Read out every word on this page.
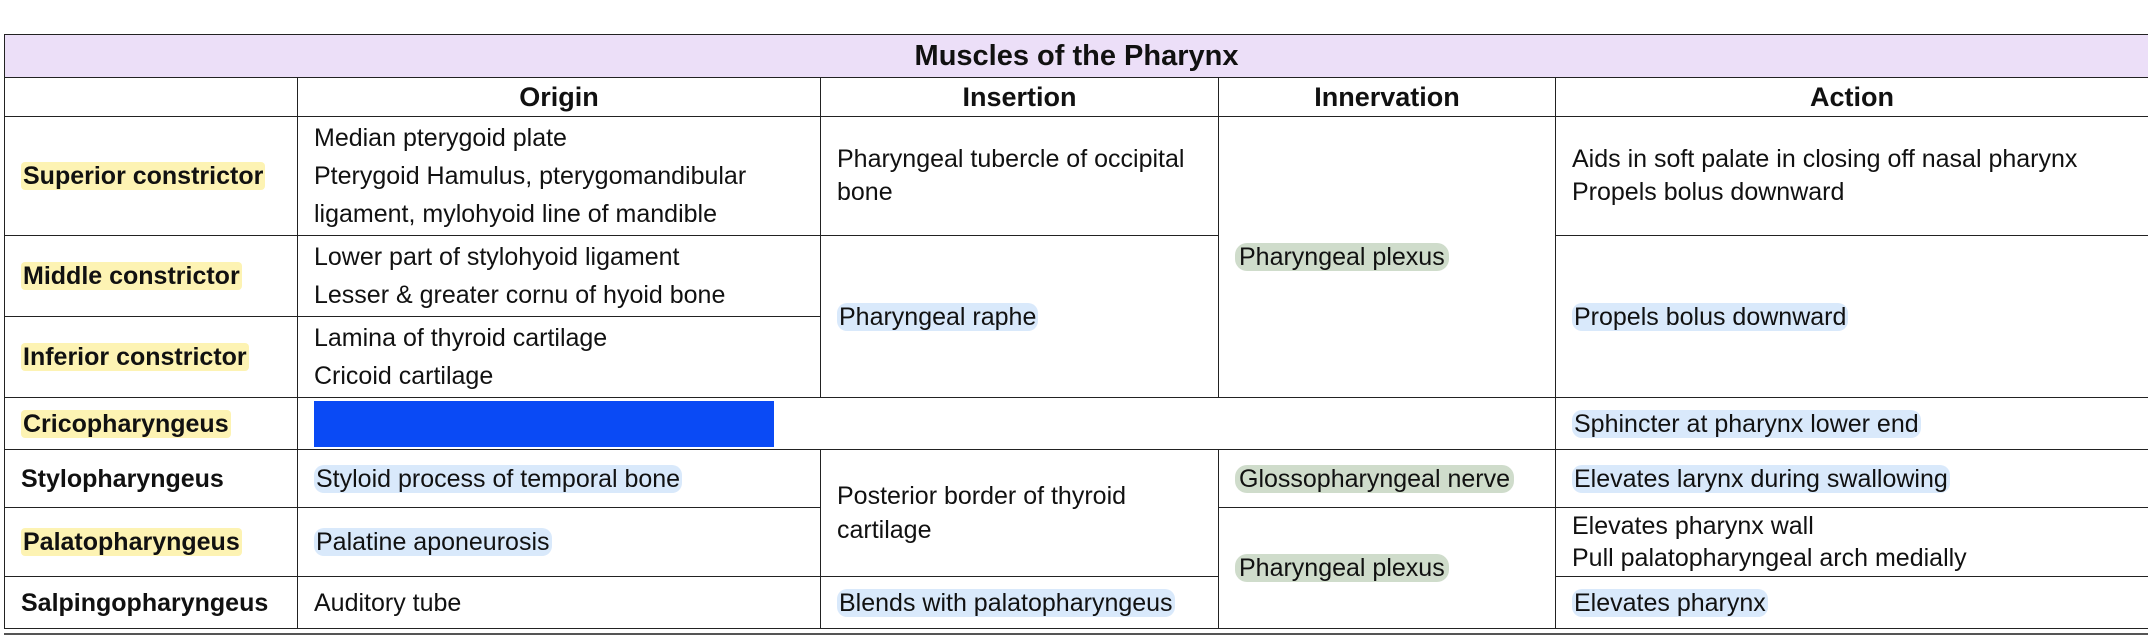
Muscles of the Pharynx				
	Origin	Insertion	Innervation	Action
Superior constrictor	Median pterygoid plate
Pterygoid Hamulus, pterygomandibular
ligament, mylohyoid line of mandible	Pharyngeal tubercle of occipital
bone	Pharyngeal plexus	Aids in soft palate in closing off nasal pharynx
Propels bolus downward

Middle constrictor	Lower part of stylohyoid ligament
Lesser & greater cornu of hyoid bone	Pharyngeal raphe		Propels bolus downward
Inferior constrictor	Lamina of thyroid cartilage
Cricoid cartilage			

Cricopharyngeus				Sphincter at pharynx lower end
Stylopharyngeus	Styloid process of temporal bone	Posterior border of thyroid
cartilage	Glossopharyngeal nerve	Elevates larynx during swallowing
Palatopharyngeus	Palatine aponeurosis		Pharyngeal plexus	Elevates pharynx wall
Pull palatopharyngeal arch medially

Salpingopharyngeus	Auditory tube	Blends with palatopharyngeus		Elevates pharynx
